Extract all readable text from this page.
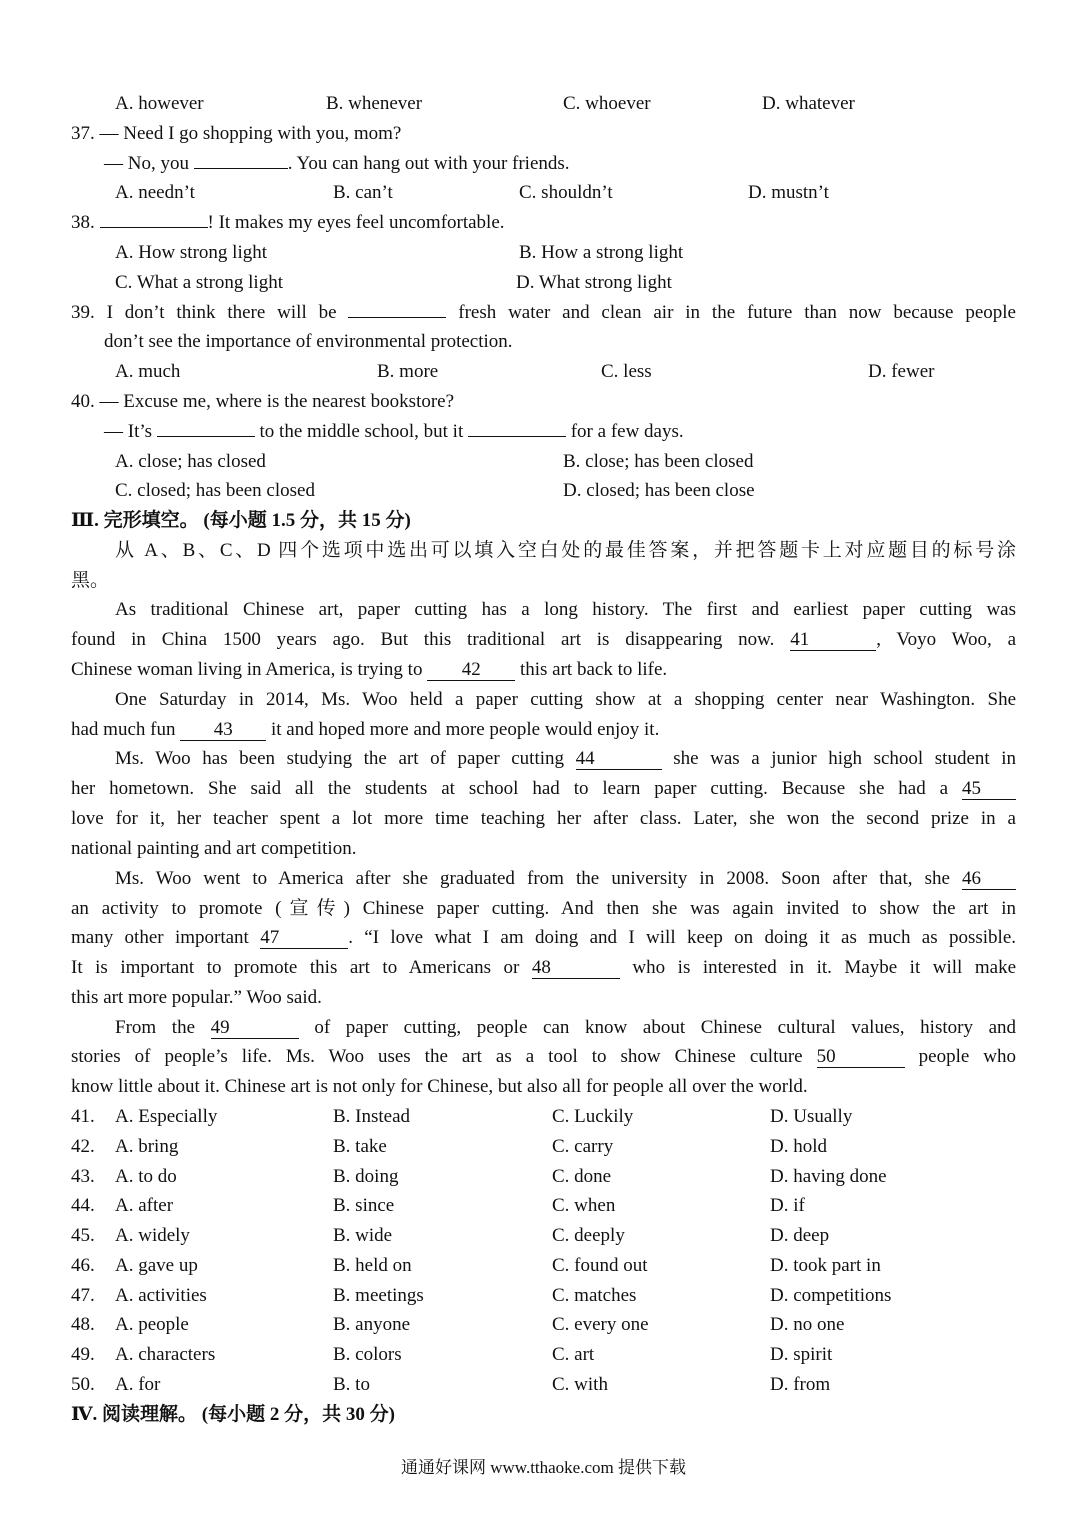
A. however	B. whenever	C. whoever	D. whatever
37. — Need I go shopping with you, mom?
— No, you	. You can hang out with your friends.
A. needn’t	B. can’t	C. shouldn’t	D. mustn’t
38.	! It makes my eyes feel uncomfortable.
A. How strong light	B. How a strong light
C. What a strong light	D. What strong light
39. I don’t think there will be	fresh water and clean air in the future than now because people
don’t see the importance of environmental protection.
A. much	B. more	C. less	D. fewer
40. — Excuse me, where is the nearest bookstore?
— It’s	to the middle school, but it	for a few days.
A. close; has closed	B. close; has been closed
C. closed; has been closed	D. closed; has been close
Ⅲ. 完形填空。 (每小题 1.5 分，共 15 分)
从 A、B、C、D 四个选项中选出可以填入空白处的最佳答案，并把答题卡上对应题目的标号涂
黑。
As traditional Chinese art, paper cutting has a long history. The first and earliest paper cutting was
found in China 1500 years ago. But this traditional art is disappearing now. 41	, Voyo Woo, a
Chinese woman living in America, is trying to 42 this art back to life.
One Saturday in 2014, Ms. Woo held a paper cutting show at a shopping center near Washington. She
had much fun 43 it and hoped more and more people would enjoy it.
Ms. Woo has been studying the art of paper cutting 44	she was a junior high school student in
her hometown. She said all the students at school had to learn paper cutting. Because she had a 45
love for it, her teacher spent a lot more time teaching her after class. Later, she won the second prize in a
national painting and art competition.
Ms. Woo went to America after she graduated from the university in 2008. Soon after that, she 46
an activity to promote (宣传) Chinese paper cutting. And then she was again invited to show the art in
many other important 47	. “I love what I am doing and I will keep on doing it as much as possible.
It is important to promote this art to Americans or 48	who is interested in it. Maybe it will make
this art more popular.” Woo said.
From the 49	of paper cutting, people can know about Chinese cultural values, history and
stories of people’s life. Ms. Woo uses the art as a tool to show Chinese culture 50	people who
know little about it. Chinese art is not only for Chinese, but also all for people all over the world.
41. A. Especially	B. Instead	C. Luckily	D. Usually
42. A. bring	B. take	C. carry	D. hold
43. A. to do	B. doing	C. done	D. having done
44. A. after	B. since	C. when	D. if
45. A. widely	B. wide	C. deeply	D. deep
46. A. gave up	B. held on	C. found out	D. took part in
47. A. activities	B. meetings	C. matches	D. competitions
48. A. people	B. anyone	C. every one	D. no one
49. A. characters	B. colors	C. art	D. spirit
50. A. for	B. to	C. with	D. from
Ⅳ. 阅读理解。 (每小题 2 分，共 30 分)
通通好课网 www.tthaoke.com 提供下载
